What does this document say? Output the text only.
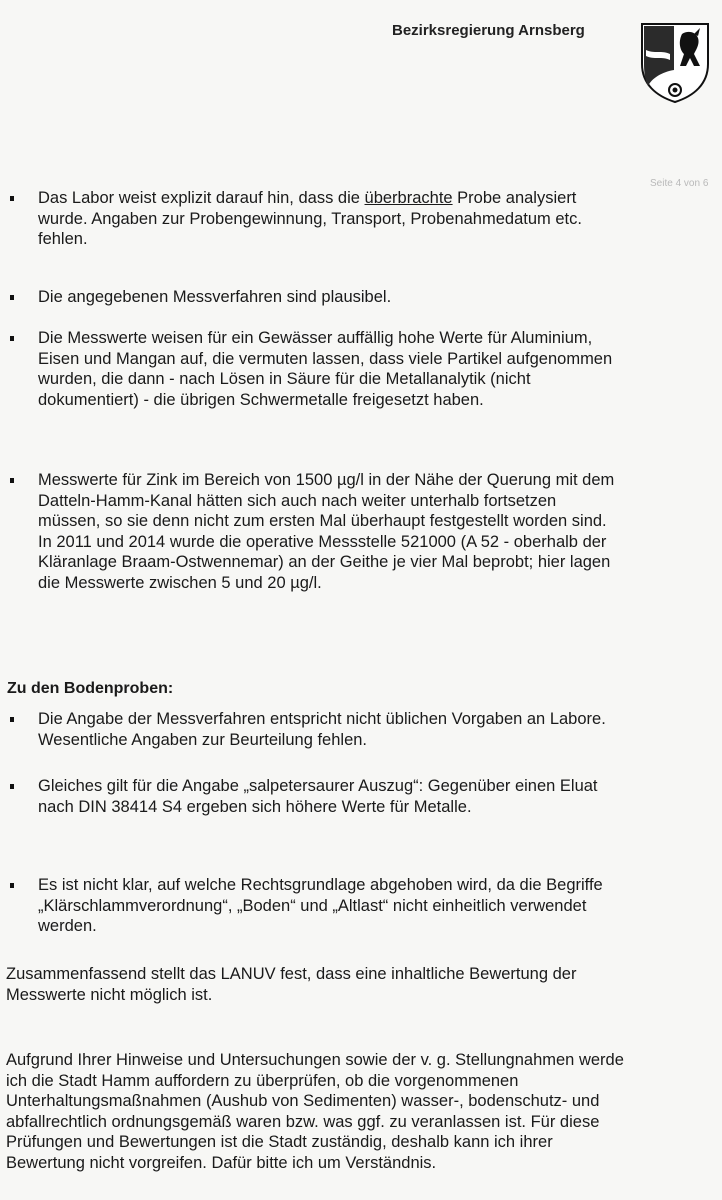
Bezirksregierung Arnsberg
Seite 4 von 6
Das Labor weist explizit darauf hin, dass die überbrachte Probe analysiert wurde. Angaben zur Probengewinnung, Transport, Probenahmedatum etc. fehlen.
Die angegebenen Messverfahren sind plausibel.
Die Messwerte weisen für ein Gewässer auffällig hohe Werte für Aluminium, Eisen und Mangan auf, die vermuten lassen, dass viele Partikel aufgenommen wurden, die dann - nach Lösen in Säure für die Metallanalytik (nicht dokumentiert) - die übrigen Schwermetalle freigesetzt haben.
Messwerte für Zink im Bereich von 1500 µg/l in der Nähe der Querung mit dem Datteln-Hamm-Kanal hätten sich auch nach weiter unterhalb fortsetzen müssen, so sie denn nicht zum ersten Mal überhaupt festgestellt worden sind. In 2011 und 2014 wurde die operative Messstelle 521000 (A 52 - oberhalb der Kläranlage Braam-Ostwennemar) an der Geithe je vier Mal beprobt; hier lagen die Messwerte zwischen 5 und 20 µg/l.
Zu den Bodenproben:
Die Angabe der Messverfahren entspricht nicht üblichen Vorgaben an Labore. Wesentliche Angaben zur Beurteilung fehlen.
Gleiches gilt für die Angabe „salpetersaurer Auszug“: Gegenüber einen Eluat nach DIN 38414 S4 ergeben sich höhere Werte für Metalle.
Es ist nicht klar, auf welche Rechtsgrundlage abgehoben wird, da die Begriffe „Klärschlammverordnung“, „Boden“ und „Altlast“ nicht einheitlich verwendet werden.
Zusammenfassend stellt das LANUV fest, dass eine inhaltliche Bewertung der Messwerte nicht möglich ist.
Aufgrund Ihrer Hinweise und Untersuchungen sowie der v. g. Stellungnahmen werde ich die Stadt Hamm auffordern zu überprüfen, ob die vorgenommenen Unterhaltungsmaßnahmen (Aushub von Sedimenten) wasser-, bodenschutz- und abfallrechtlich ordnungsgemäß waren bzw. was ggf. zu veranlassen ist. Für diese Prüfungen und Bewertungen ist die Stadt zuständig, deshalb kann ich ihrer Bewertung nicht vorgreifen. Dafür bitte ich um Verständnis.
